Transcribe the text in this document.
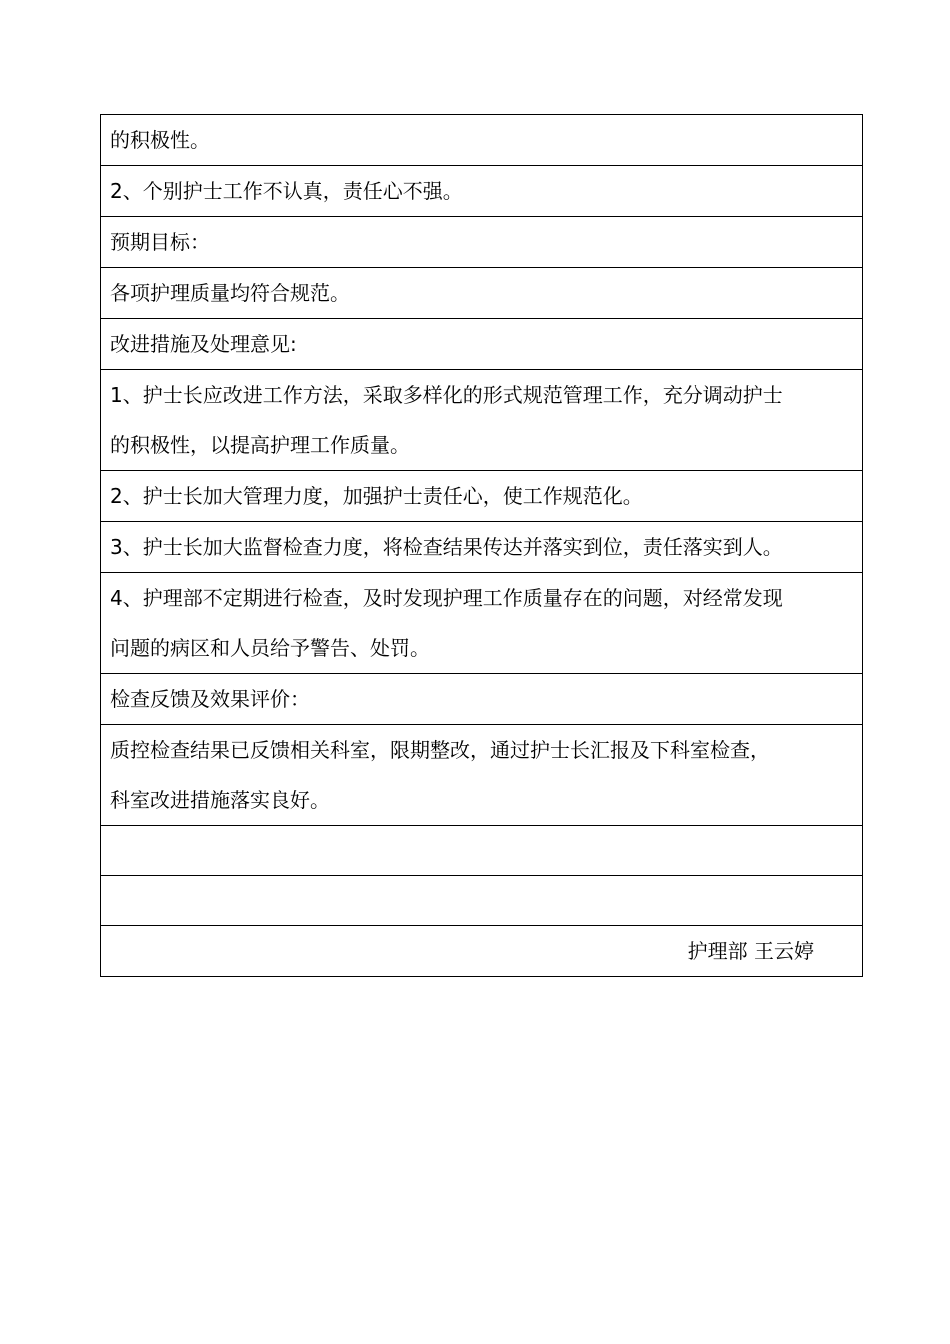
的积极性。
2、个别护士工作不认真，责任心不强。
预期目标：
各项护理质量均符合规范。
改进措施及处理意见:

1、护士长应改进工作方法，采取多样化的形式规范管理工作，充分调动护士
的积极性，以提高护理工作质量。

2、护士长加大管理力度，加强护士责任心，使工作规范化。
3、护士长加大监督检查力度，将检查结果传达并落实到位，责任落实到人。

4、护理部不定期进行检查，及时发现护理工作质量存在的问题，对经常发现
问题的病区和人员给予警告、处罚。

检查反馈及效果评价：

质控检查结果已反馈相关科室，限期整改，通过护士长汇报及下科室检查，
科室改进措施落实良好。

护理部 王云婷
